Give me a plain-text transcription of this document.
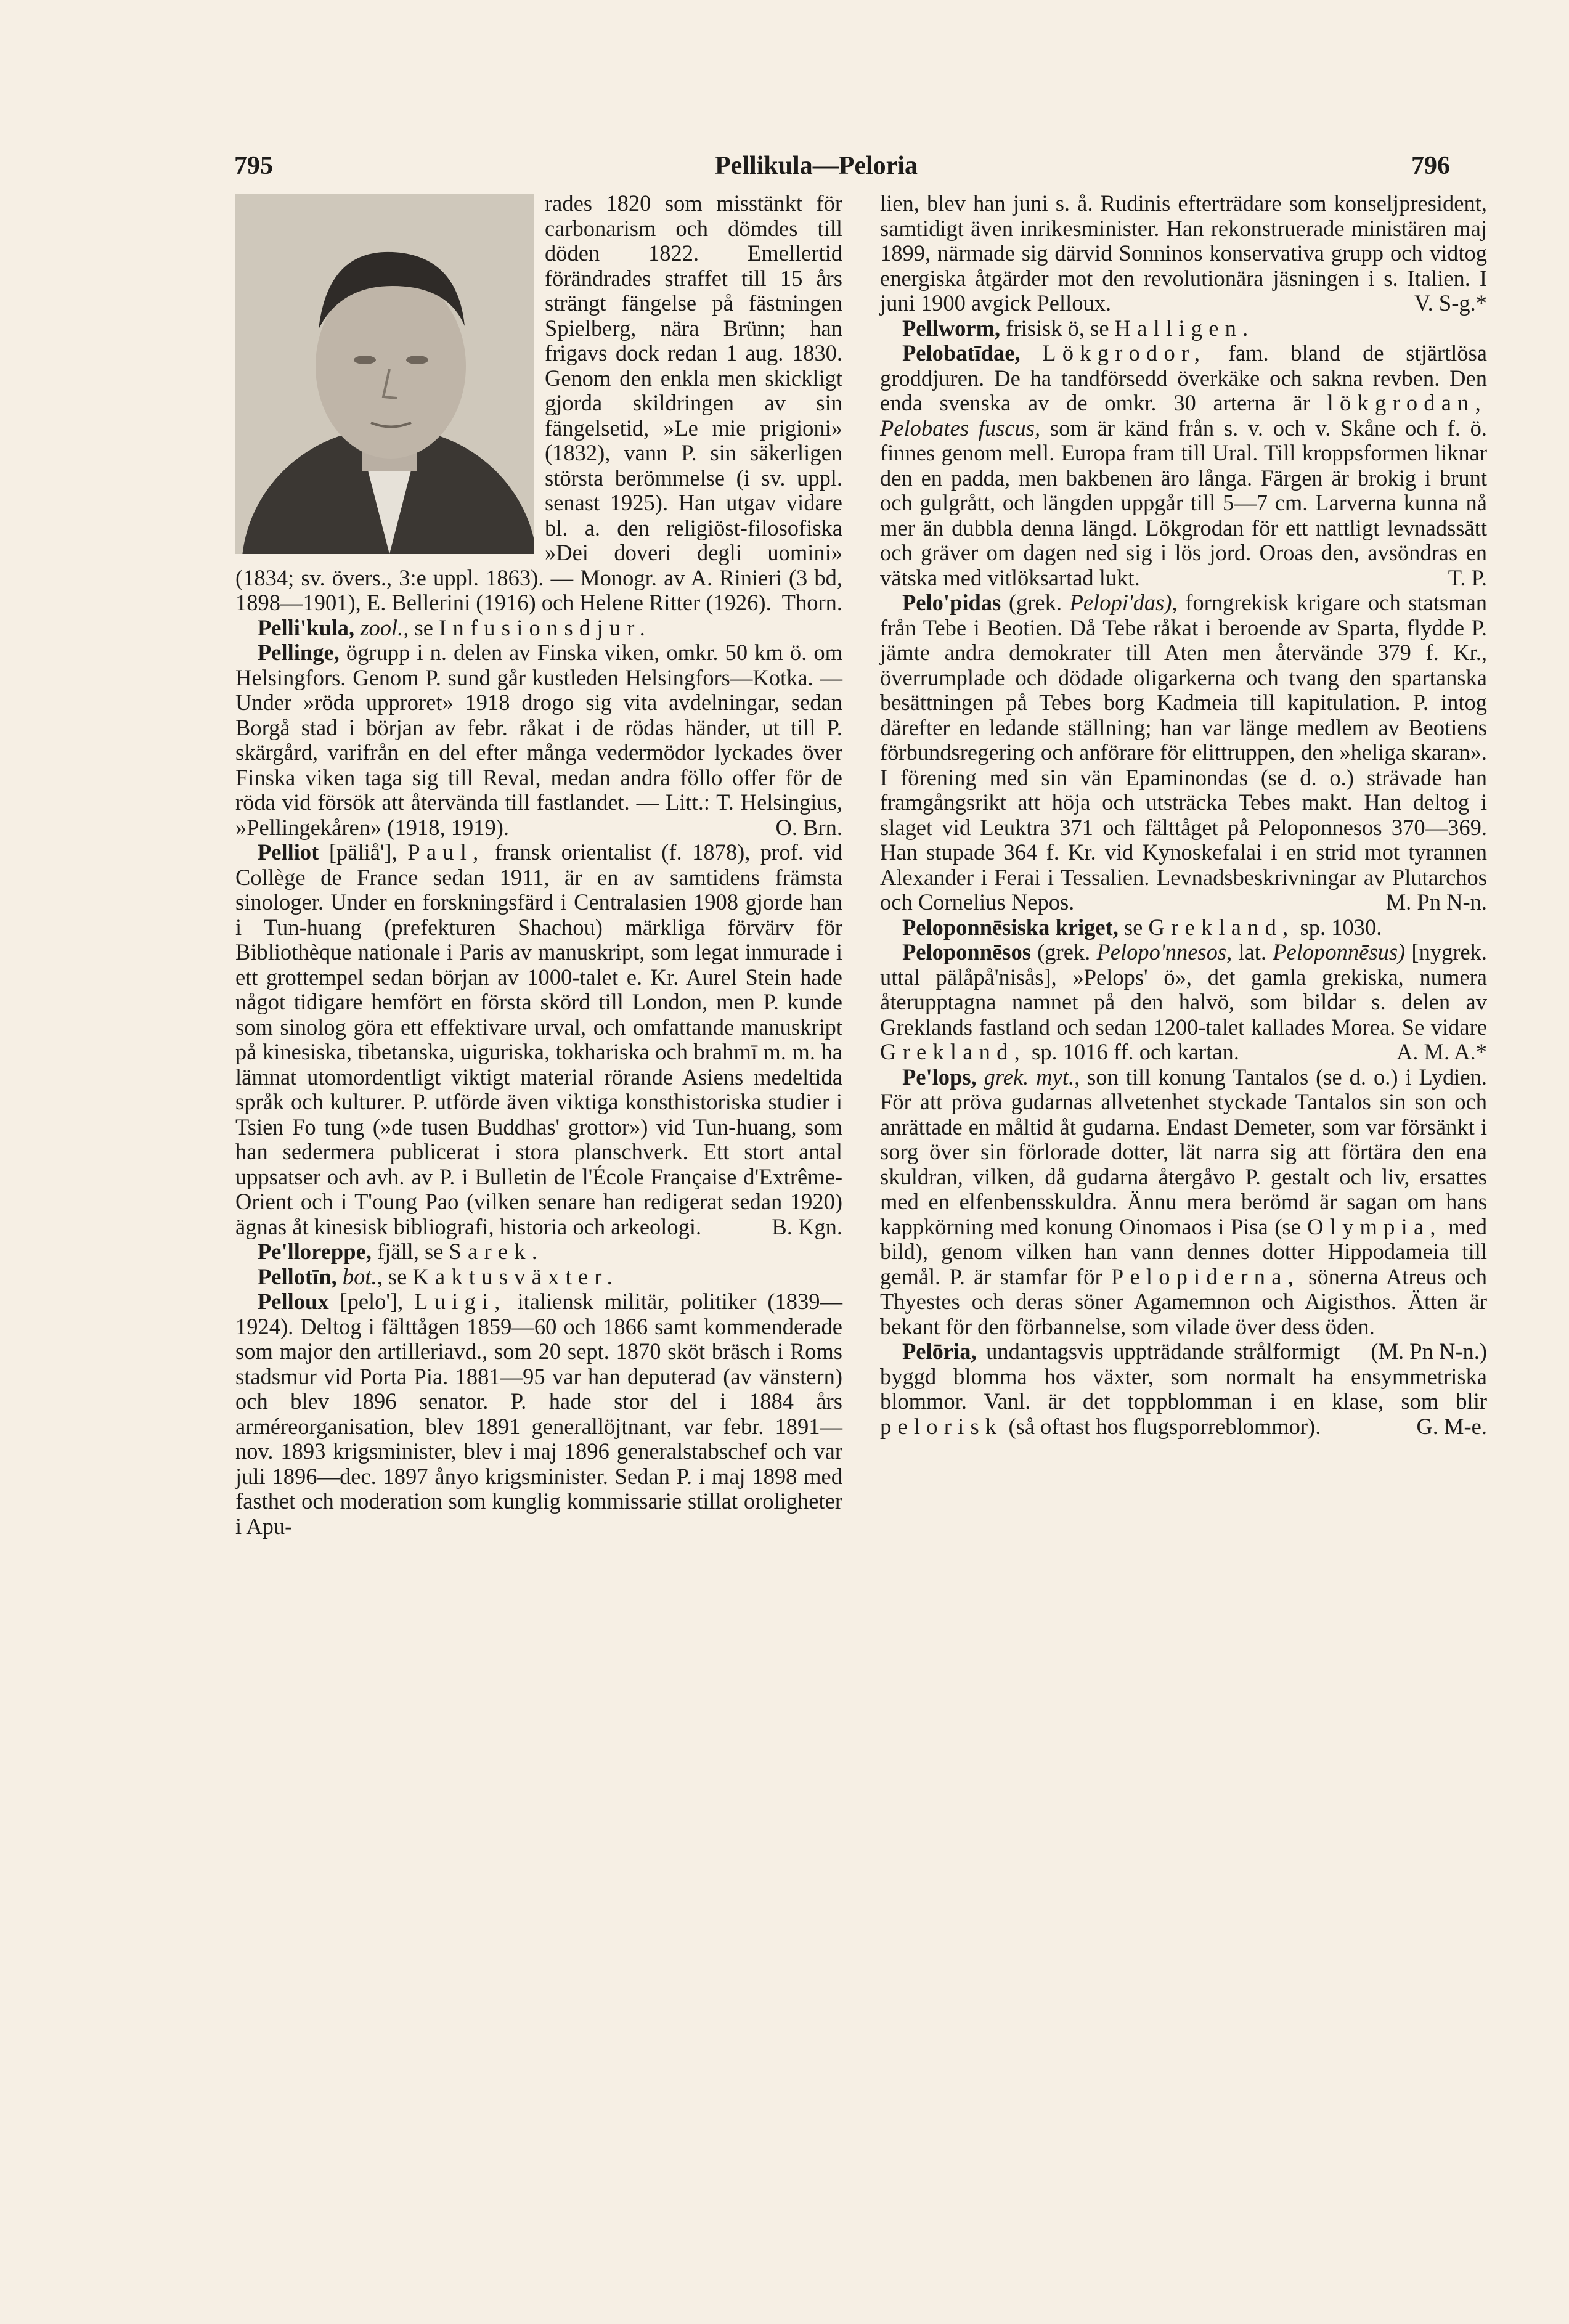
795	Pellikula—Peloria	796

rades 1820 som misstänkt för carbonarism och dömdes till döden 1822. Emellertid förändrades straffet till 15 års strängt fängelse på fästningen Spielberg, nära Brünn; han frigavs dock redan 1 aug. 1830. Genom den enkla men skickligt gjorda skildringen av sin fängelsetid, »Le mie prigioni» (1832), vann P. sin säkerligen största berömmelse (i sv. uppl. senast 1925). Han utgav vidare bl. a. den religiöst-filosofiska »Dei doveri degli uomini» (1834; sv. övers., 3:e uppl. 1863). — Monogr. av A. Rinieri (3 bd, 1898—1901), E. Bellerini (1916) och Helene Ritter (1926). Thorn.

Pelli'kula, zool., se Infusionsdjur.

Pellinge, ögrupp i n. delen av Finska viken, omkr. 50 km ö. om Helsingfors. Genom P. sund går kustleden Helsingfors—Kotka. — Under »röda upproret» 1918 drogo sig vita avdelningar, sedan Borgå stad i början av febr. råkat i de rödas händer, ut till P. skärgård, varifrån en del efter många vedermödor lyckades över Finska viken taga sig till Reval, medan andra föllo offer för de röda vid försök att återvända till fastlandet. — Litt.: T. Helsingius, »Pellingekåren» (1918, 1919).	O. Brn.

Pelliot [päliå'], Paul, fransk orientalist (f. 1878), prof. vid Collège de France sedan 1911, är en av samtidens främsta sinologer. Under en forskningsfärd i Centralasien 1908 gjorde han i Tun-huang (prefekturen Shachou) märkliga förvärv för Bibliothèque nationale i Paris av manuskript, som legat inmurade i ett grottempel sedan början av 1000-talet e. Kr. Aurel Stein hade något tidigare hemfört en första skörd till London, men P. kunde som sinolog göra ett effektivare urval, och omfattande manuskript på kinesiska, tibetanska, uiguriska, tokhariska och brahmī m. m. ha lämnat utomordentligt viktigt material rörande Asiens medeltida språk och kulturer. P. utförde även viktiga konsthistoriska studier i Tsien Fo tung (»de tusen Buddhas' grottor») vid Tun-huang, som han sedermera publicerat i stora planschverk. Ett stort antal uppsatser och avh. av P. i Bulletin de l'École Française d'Extrême-Orient och i T'oung Pao (vilken senare han redigerat sedan 1920) ägnas åt kinesisk bibliografi, historia och arkeologi.	B. Kgn.

Pe'lloreppe, fjäll, se Sarek.

Pellotīn, bot., se Kaktusväxter.

Pelloux [pelo'], Luigi, italiensk militär, politiker (1839—1924). Deltog i fälttågen 1859—60 och 1866 samt kommenderade som major den artilleriavd., som 20 sept. 1870 sköt bräsch i Roms stadsmur vid Porta Pia. 1881—95 var han deputerad (av vänstern) och blev 1896 senator. P. hade stor del i 1884 års arméreorganisation, blev 1891 generallöjtnant, var febr. 1891—nov. 1893 krigsminister, blev i maj 1896 generalstabschef och var juli 1896—dec. 1897 ånyo krigsminister. Sedan P. i maj 1898 med fasthet och moderation som kunglig kommissarie stillat oroligheter i Apu-

lien, blev han juni s. å. Rudinis efterträdare som konseljpresident, samtidigt även inrikesminister. Han rekonstruerade ministären maj 1899, närmade sig därvid Sonninos konservativa grupp och vidtog energiska åtgärder mot den revolutionära jäsningen i s. Italien. I juni 1900 avgick Pelloux.	V. S-g.*

Pellworm, frisisk ö, se Halligen.

Pelobatīdae, Lökgrodor, fam. bland de stjärtlösa groddjuren. De ha tandförsedd överkäke och sakna revben. Den enda svenska av de omkr. 30 arterna är lökgrodan, Pelobates fuscus, som är känd från s. v. och v. Skåne och f. ö. finnes genom mell. Europa fram till Ural. Till kroppsformen liknar den en padda, men bakbenen äro långa. Färgen är brokig i brunt och gulgrått, och längden uppgår till 5—7 cm. Larverna kunna nå mer än dubbla denna längd. Lökgrodan för ett nattligt levnadssätt och gräver om dagen ned sig i lös jord. Oroas den, avsöndras en vätska med vitlöksartad lukt.	T. P.

Pelo'pidas (grek. Pelopi'das), forngrekisk krigare och statsman från Tebe i Beotien. Då Tebe råkat i beroende av Sparta, flydde P. jämte andra demokrater till Aten men återvände 379 f. Kr., överrumplade och dödade oligarkerna och tvang den spartanska besättningen på Tebes borg Kadmeia till kapitulation. P. intog därefter en ledande ställning; han var länge medlem av Beotiens förbundsregering och anförare för elittruppen, den »heliga skaran». I förening med sin vän Epaminondas (se d. o.) strävade han framgångsrikt att höja och utsträcka Tebes makt. Han deltog i slaget vid Leuktra 371 och fälttåget på Peloponnesos 370—369. Han stupade 364 f. Kr. vid Kynoskefalai i en strid mot tyrannen Alexander i Ferai i Tessalien. Levnadsbeskrivningar av Plutarchos och Cornelius Nepos.	M. Pn N-n.

Peloponnēsiska kriget, se Grekland, sp. 1030.

Peloponnēsos (grek. Pelopo'nnesos, lat. Peloponnēsus) [nygrek. uttal pälåpå'nisås], »Pelops' ö», det gamla grekiska, numera återupptagna namnet på den halvö, som bildar s. delen av Greklands fastland och sedan 1200-talet kallades Morea. Se vidare Grekland, sp. 1016 ff. och kartan.	A. M. A.*

Pe'lops, grek. myt., son till konung Tantalos (se d. o.) i Lydien. För att pröva gudarnas allvetenhet styckade Tantalos sin son och anrättade en måltid åt gudarna. Endast Demeter, som var försänkt i sorg över sin förlorade dotter, lät narra sig att förtära den ena skuldran, vilken, då gudarna återgåvo P. gestalt och liv, ersattes med en elfenbensskuldra. Ännu mera berömd är sagan om hans kappkörning med konung Oinomaos i Pisa (se Olympia, med bild), genom vilken han vann dennes dotter Hippodameia till gemål. P. är stamfar för Pelopiderna, sönerna Atreus och Thyestes och deras söner Agamemnon och Aigisthos. Ätten är bekant för den förbannelse, som vilade över dess öden.
(M. Pn N-n.)

Pelōria, undantagsvis uppträdande strålformigt byggd blomma hos växter, som normalt ha ensymmetriska blommor. Vanl. är det toppblomman i en klase, som blir pelorisk (så oftast hos flugsporreblommor).	G. M-e.
